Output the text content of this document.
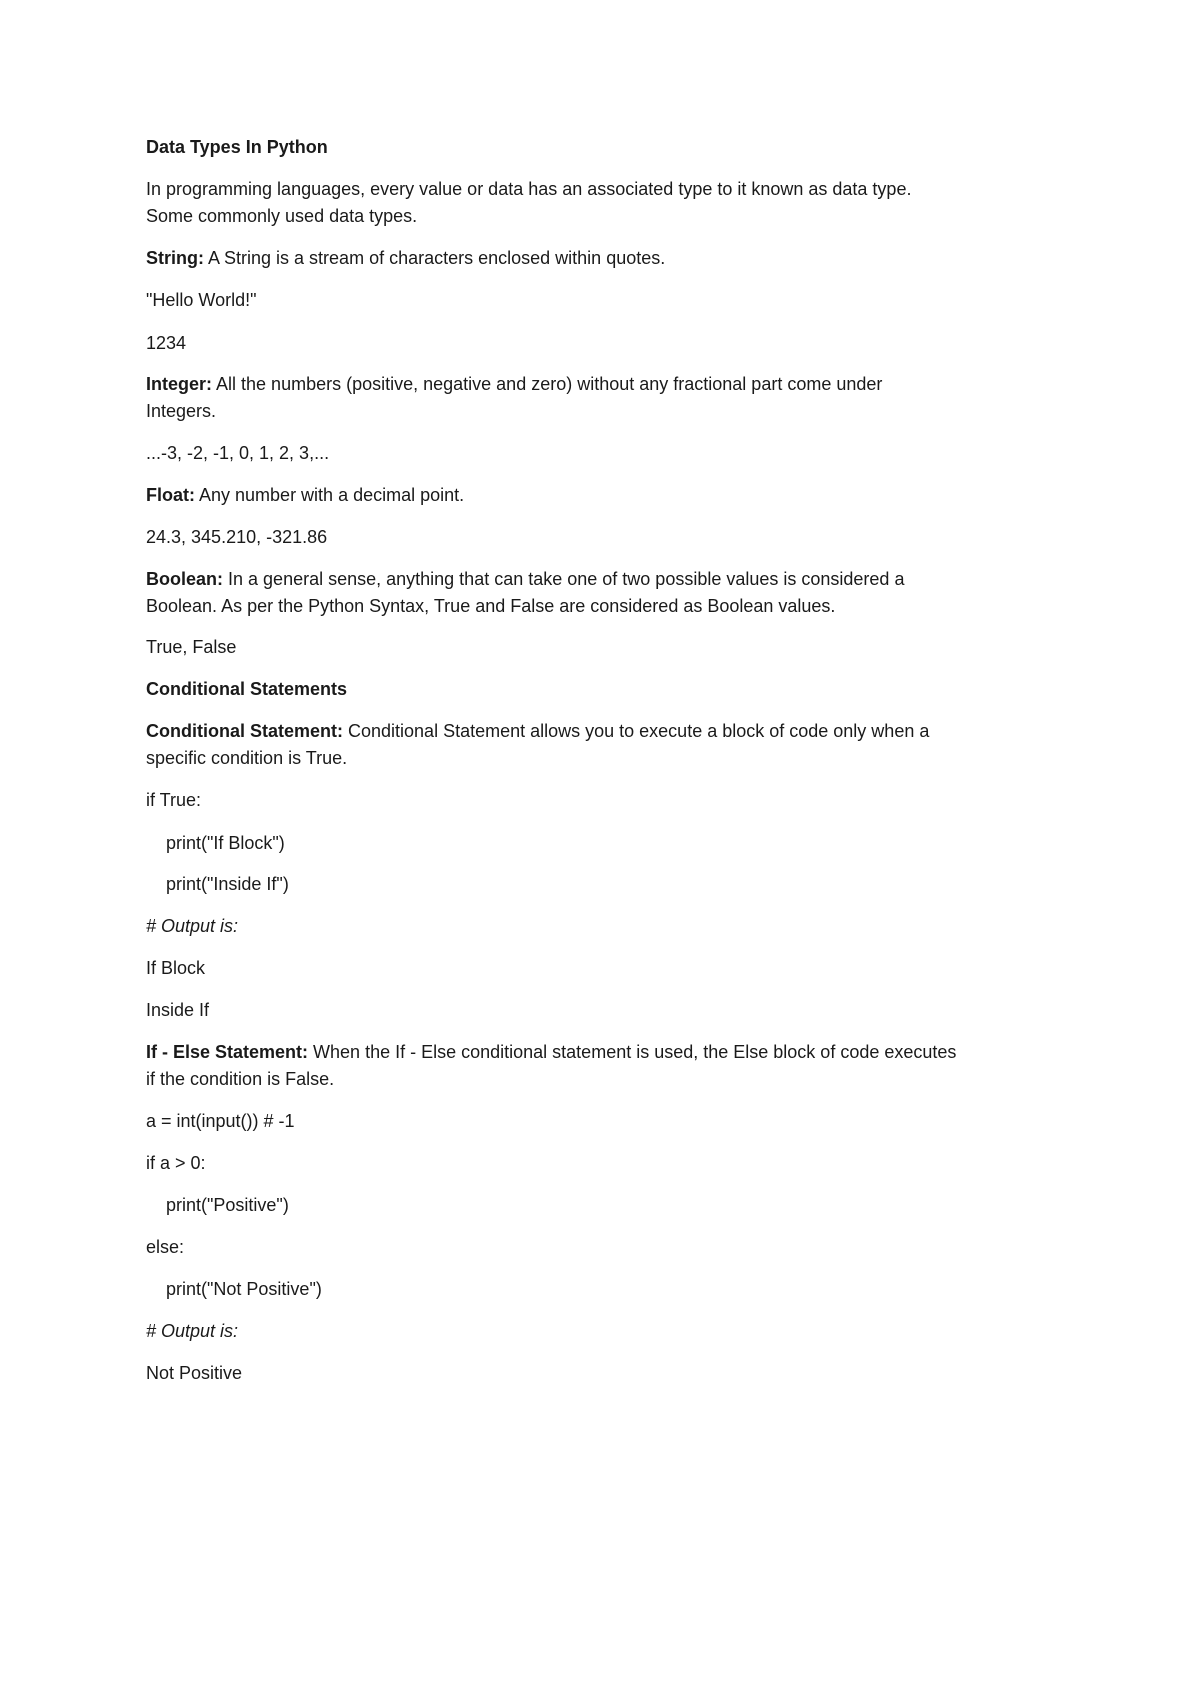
Data Types In Python
In programming languages, every value or data has an associated type to it known as data type.
Some commonly used data types.
String: A String is a stream of characters enclosed within quotes.
"Hello World!"
1234
Integer: All the numbers (positive, negative and zero) without any fractional part come under
Integers.
...-3, -2, -1, 0, 1, 2, 3,...
Float: Any number with a decimal point.
24.3, 345.210, -321.86
Boolean: In a general sense, anything that can take one of two possible values is considered a
Boolean. As per the Python Syntax, True and False are considered as Boolean values.
True, False
Conditional Statements
Conditional Statement: Conditional Statement allows you to execute a block of code only when a
specific condition is True.
if True:
print("If Block")
print("Inside If")
# Output is:
If Block
Inside If
If - Else Statement: When the If - Else conditional statement is used, the Else block of code executes
if the condition is False.
a = int(input()) # -1
if a > 0:
print("Positive")
else:
print("Not Positive")
# Output is:
Not Positive
